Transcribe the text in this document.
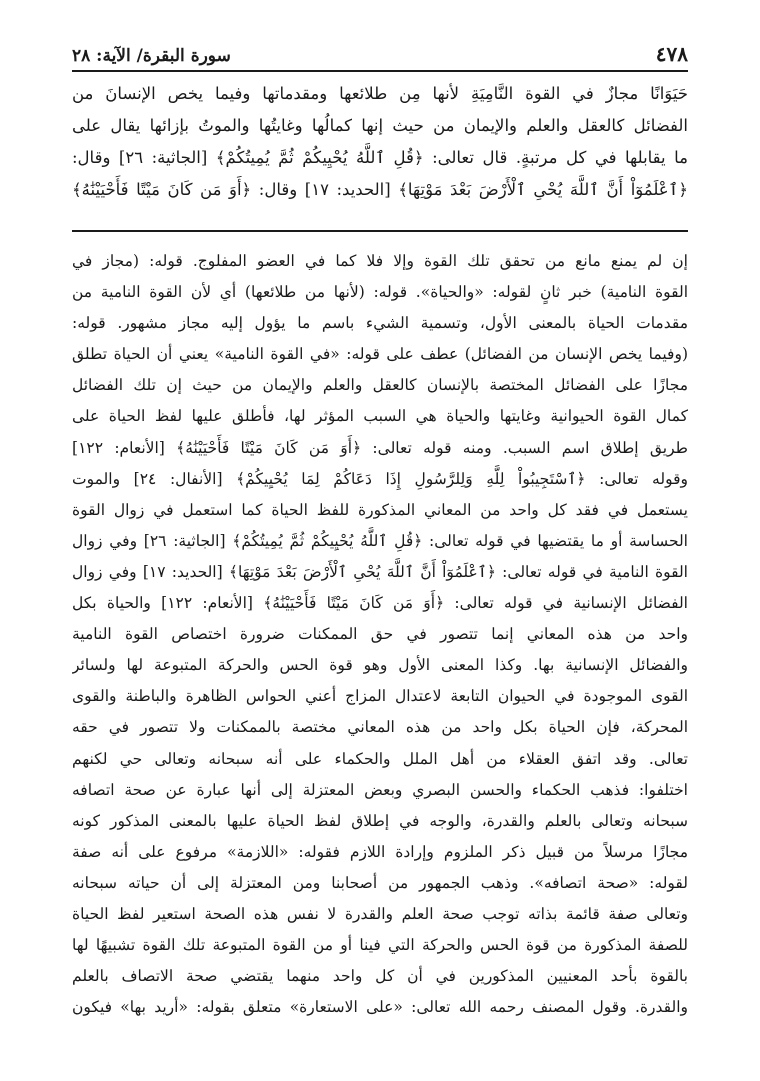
٤٧٨
سورة البقرة/ الآية: ٢٨
حَيَوَانًا مجازٌ في القوة النَّامِيَةِ لأنها مِن طلائعها ومقدماتها وفيما يخص الإنسانَ من
الفضائل كالعقل والعلم والإيمان من حيث إنها كمالُها وغايتُها والموتُ بإزائها يقال على
ما يقابلها في كل مرتبةٍ. قال تعالى: ﴿قُلِ ٱللَّهُ يُحْيِيكُمْ ثُمَّ يُمِيتُكُمْ﴾ [الجاثية: ٢٦] وقال:
﴿ٱعْلَمُوٓاْ أَنَّ ٱللَّهَ يُحْىِ ٱلْأَرْضَ بَعْدَ مَوْتِهَا﴾ [الحديد: ١٧] وقال: ﴿أَوَ مَن كَانَ مَيْتًا فَأَحْيَيْنَٰهُ﴾
إن لم يمنع مانع من تحقق تلك القوة وإلا فلا كما في العضو المفلوج. قوله: (مجاز في
القوة النامية) خبر ثانٍ لقوله: «والحياة». قوله: (لأنها من طلائعها) أي لأن القوة النامية من
مقدمات الحياة بالمعنى الأول، وتسمية الشيء باسم ما يؤول إليه مجاز مشهور. قوله:
(وفيما يخص الإنسان من الفضائل) عطف على قوله: «في القوة النامية» يعني أن الحياة تطلق
مجازًا على الفضائل المختصة بالإنسان كالعقل والعلم والإيمان من حيث إن تلك الفضائل
كمال القوة الحيوانية وغايتها والحياة هي السبب المؤثر لها، فأطلق عليها لفظ الحياة على
طريق إطلاق اسم السبب. ومنه قوله تعالى: ﴿أَوَ مَن كَانَ مَيْتًا فَأَحْيَيْنَٰهُ﴾ [الأنعام: ١٢٢]
وقوله تعالى: ﴿ٱسْتَجِيبُواْ لِلَّهِ وَلِلرَّسُولِ إِذَا دَعَاكُمْ لِمَا يُحْيِيكُمْ﴾ [الأنفال: ٢٤] والموت
يستعمل في فقد كل واحد من المعاني المذكورة للفظ الحياة كما استعمل في زوال القوة
الحساسة أو ما يقتضيها في قوله تعالى: ﴿قُلِ ٱللَّهُ يُحْيِيكُمْ ثُمَّ يُمِيتُكُمْ﴾ [الجاثية: ٢٦] وفي زوال
القوة النامية في قوله تعالى: ﴿ٱعْلَمُوٓاْ أَنَّ ٱللَّهَ يُحْىِ ٱلْأَرْضَ بَعْدَ مَوْتِهَا﴾ [الحديد: ١٧] وفي زوال
الفضائل الإنسانية في قوله تعالى: ﴿أَوَ مَن كَانَ مَيْتًا فَأَحْيَيْنَٰهُ﴾ [الأنعام: ١٢٢] والحياة بكل
واحد من هذه المعاني إنما تتصور في حق الممكنات ضرورة اختصاص القوة النامية
والفضائل الإنسانية بها. وكذا المعنى الأول وهو قوة الحس والحركة المتبوعة لها ولسائر
القوى الموجودة في الحيوان التابعة لاعتدال المزاج أعني الحواس الظاهرة والباطنة والقوى
المحركة، فإن الحياة بكل واحد من هذه المعاني مختصة بالممكنات ولا تتصور في حقه
تعالى. وقد اتفق العقلاء من أهل الملل والحكماء على أنه سبحانه وتعالى حي لكنهم
اختلفوا: فذهب الحكماء والحسن البصري وبعض المعتزلة إلى أنها عبارة عن صحة اتصافه
سبحانه وتعالى بالعلم والقدرة، والوجه في إطلاق لفظ الحياة عليها بالمعنى المذكور كونه
مجازًا مرسلاً من قبيل ذكر الملزوم وإرادة اللازم فقوله: «اللازمة» مرفوع على أنه صفة
لقوله: «صحة اتصافه». وذهب الجمهور من أصحابنا ومن المعتزلة إلى أن حياته سبحانه
وتعالى صفة قائمة بذاته توجب صحة العلم والقدرة لا نفس هذه الصحة استعير لفظ الحياة
للصفة المذكورة من قوة الحس والحركة التي فينا أو من القوة المتبوعة تلك القوة تشبيهًا لها
بالقوة بأحد المعنيين المذكورين في أن كل واحد منهما يقتضي صحة الاتصاف بالعلم
والقدرة. وقول المصنف رحمه الله تعالى: «على الاستعارة» متعلق بقوله: «أريد بها» فيكون
